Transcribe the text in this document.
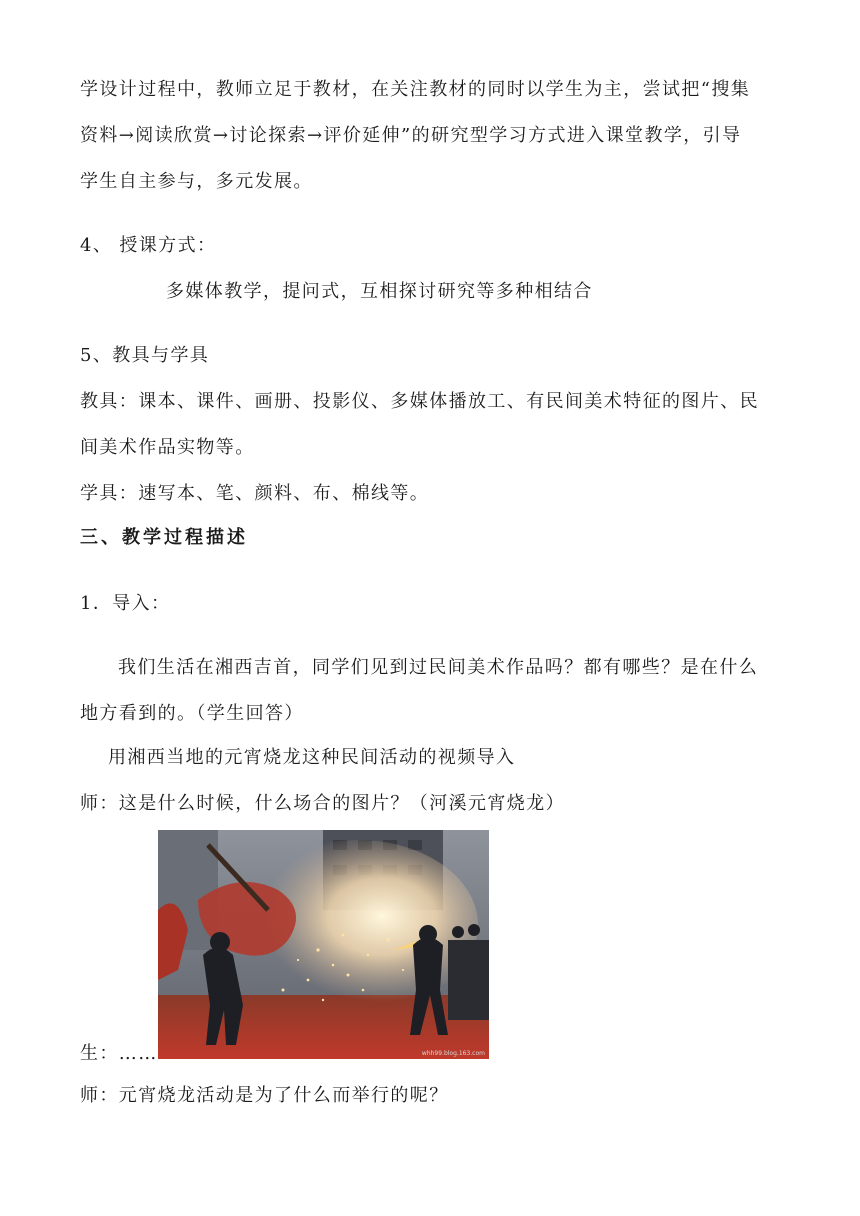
学设计过程中，教师立足于教材，在关注教材的同时以学生为主，尝试把“搜集
资料→阅读欣赏→讨论探索→评价延伸”的研究型学习方式进入课堂教学，引导
学生自主参与，多元发展。
4、 授课方式：
多媒体教学，提问式，互相探讨研究等多种相结合
5、教具与学具
教具：课本、课件、画册、投影仪、多媒体播放工、有民间美术特征的图片、民
间美术作品实物等。
学具：速写本、笔、颜料、布、棉线等。
三、教学过程描述
1．导入：
我们生活在湘西吉首，同学们见到过民间美术作品吗？都有哪些？是在什么
地方看到的。（学生回答）
用湘西当地的元宵烧龙这种民间活动的视频导入
师：这是什么时候，什么场合的图片？（河溪元宵烧龙）
whh99.blog.163.com
生：……
师：元宵烧龙活动是为了什么而举行的呢？
